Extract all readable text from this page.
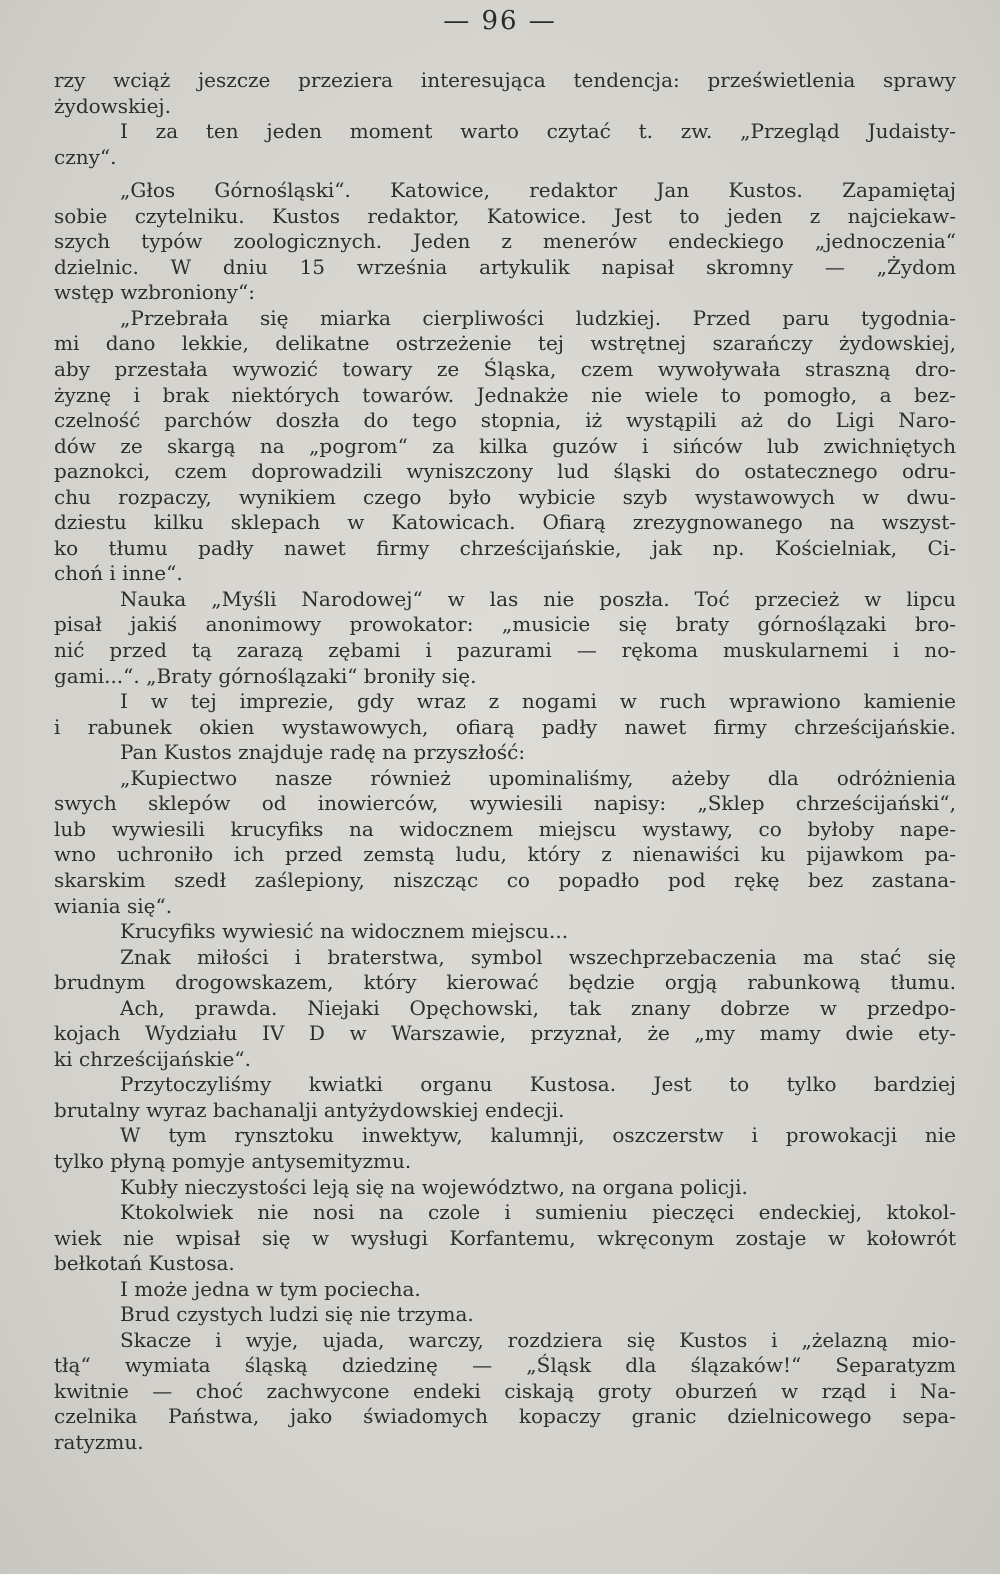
— 96 —
rzy wciąż jeszcze przeziera interesująca tendencja: prześwietlenia sprawy
żydowskiej.
I za ten jeden moment warto czytać t. zw. „Przegląd Judaisty-
czny“.
„Głos Górnośląski“. Katowice, redaktor Jan Kustos. Zapamiętaj
sobie czytelniku. Kustos redaktor, Katowice. Jest to jeden z najciekaw-
szych typów zoologicznych. Jeden z menerów endeckiego „jednoczenia“
dzielnic. W dniu 15 września artykulik napisał skromny — „Żydom
wstęp wzbroniony“:
„Przebrała się miarka cierpliwości ludzkiej. Przed paru tygodnia-
mi dano lekkie, delikatne ostrzeżenie tej wstrętnej szarańczy żydowskiej,
aby przestała wywozić towary ze Śląska, czem wywoływała straszną dro-
żyznę i brak niektórych towarów. Jednakże nie wiele to pomogło, a bez-
czelność parchów doszła do tego stopnia, iż wystąpili aż do Ligi Naro-
dów ze skargą na „pogrom“ za kilka guzów i sińców lub zwichniętych
paznokci, czem doprowadzili wyniszczony lud śląski do ostatecznego odru-
chu rozpaczy, wynikiem czego było wybicie szyb wystawowych w dwu-
dziestu kilku sklepach w Katowicach. Ofiarą zrezygnowanego na wszyst-
ko tłumu padły nawet firmy chrześcijańskie, jak np. Kościelniak, Ci-
choń i inne“.
Nauka „Myśli Narodowej“ w las nie poszła. Toć przecież w lipcu
pisał jakiś anonimowy prowokator: „musicie się braty górnoślązaki bro-
nić przed tą zarazą zębami i pazurami — rękoma muskularnemi i no-
gami...“. „Braty górnoślązaki“ broniły się.
I w tej imprezie, gdy wraz z nogami w ruch wprawiono kamienie
i rabunek okien wystawowych, ofiarą padły nawet firmy chrześcijańskie.
Pan Kustos znajduje radę na przyszłość:
„Kupiectwo nasze również upominaliśmy, ażeby dla odróżnienia
swych sklepów od inowierców, wywiesili napisy: „Sklep chrześcijański“,
lub wywiesili krucyfiks na widocznem miejscu wystawy, co byłoby nape-
wno uchroniło ich przed zemstą ludu, który z nienawiści ku pijawkom pa-
skarskim szedł zaślepiony, niszcząc co popadło pod rękę bez zastana-
wiania się“.
Krucyfiks wywiesić na widocznem miejscu...
Znak miłości i braterstwa, symbol wszechprzebaczenia ma stać się
brudnym drogowskazem, który kierować będzie orgją rabunkową tłumu.
Ach, prawda. Niejaki Opęchowski, tak znany dobrze w przedpo-
kojach Wydziału IV D w Warszawie, przyznał, że „my mamy dwie ety-
ki chrześcijańskie“.
Przytoczyliśmy kwiatki organu Kustosa. Jest to tylko bardziej
brutalny wyraz bachanalji antyżydowskiej endecji.
W tym rynsztoku inwektyw, kalumnji, oszczerstw i prowokacji nie
tylko płyną pomyje antysemityzmu.
Kubły nieczystości leją się na województwo, na organa policji.
Ktokolwiek nie nosi na czole i sumieniu pieczęci endeckiej, ktokol-
wiek nie wpisał się w wysługi Korfantemu, wkręconym zostaje w kołowrót
bełkotań Kustosa.
I może jedna w tym pociecha.
Brud czystych ludzi się nie trzyma.
Skacze i wyje, ujada, warczy, rozdziera się Kustos i „żelazną mio-
tłą“ wymiata śląską dziedzinę — „Śląsk dla ślązaków!“ Separatyzm
kwitnie — choć zachwycone endeki ciskają groty oburzeń w rząd i Na-
czelnika Państwa, jako świadomych kopaczy granic dzielnicowego sepa-
ratyzmu.
